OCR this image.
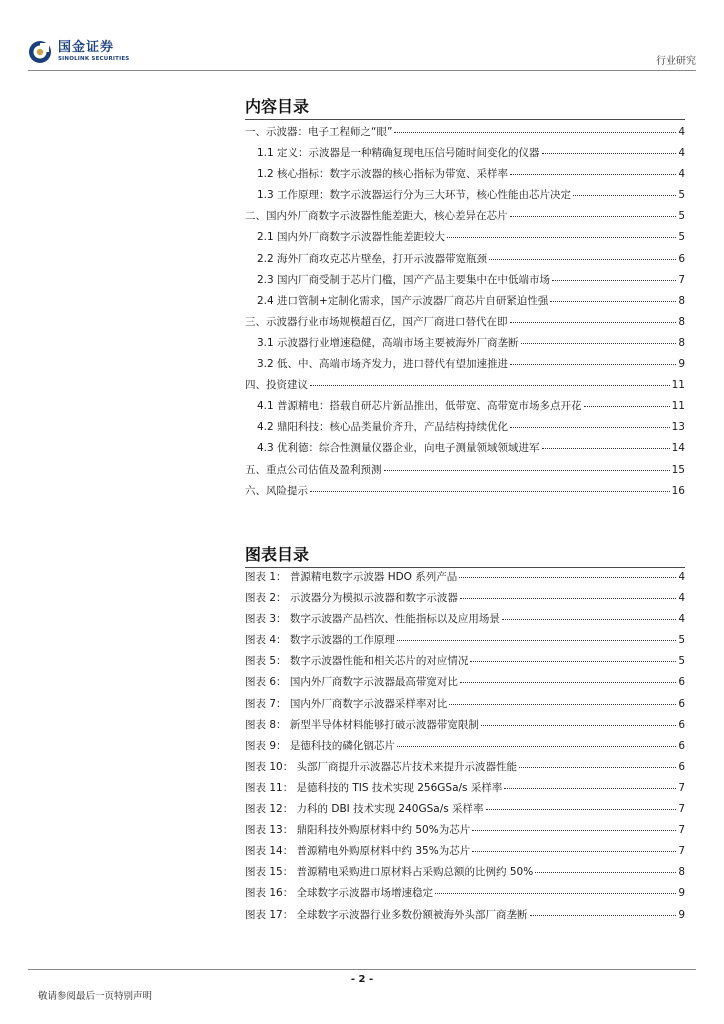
国金证券
SINOLINK SECURITIES	行业研究
内容目录
一、示波器：电子工程师之“眼”	4
1.1 定义：示波器是一种精确复现电压信号随时间变化的仪器	4
1.2 核心指标：数字示波器的核心指标为带宽、采样率	4
1.3 工作原理：数字示波器运行分为三大环节，核心性能由芯片决定	5
二、国内外厂商数字示波器性能差距大，核心差异在芯片	5
2.1 国内外厂商数字示波器性能差距较大	5
2.2 海外厂商攻克芯片壁垒，打开示波器带宽瓶颈	6
2.3 国内厂商受制于芯片门槛，国产产品主要集中在中低端市场	7
2.4 进口管制+定制化需求，国产示波器厂商芯片自研紧迫性强	8
三、示波器行业市场规模超百亿，国产厂商进口替代在即	8
3.1 示波器行业增速稳健，高端市场主要被海外厂商垄断	8
3.2 低、中、高端市场齐发力，进口替代有望加速推进	9
四、投资建议	11
4.1 普源精电：搭载自研芯片新品推出，低带宽、高带宽市场多点开花	11
4.2 鼎阳科技：核心品类量价齐升，产品结构持续优化	13
4.3 优利德：综合性测量仪器企业，向电子测量领域领域进军	14
五、重点公司估值及盈利预测	15
六、风险提示	16
图表目录
图表 1： 普源精电数字示波器 HDO 系列产品	4
图表 2： 示波器分为模拟示波器和数字示波器	4
图表 3： 数字示波器产品档次、性能指标以及应用场景	4
图表 4： 数字示波器的工作原理	5
图表 5： 数字示波器性能和相关芯片的对应情况	5
图表 6： 国内外厂商数字示波器最高带宽对比	6
图表 7： 国内外厂商数字示波器采样率对比	6
图表 8： 新型半导体材料能够打破示波器带宽限制	6
图表 9： 是德科技的磷化铟芯片	6
图表 10： 头部厂商提升示波器芯片技术来提升示波器性能	6
图表 11： 是德科技的 TIS 技术实现 256GSa/s 采样率	7
图表 12： 力科的 DBI 技术实现 240GSa/s 采样率	7
图表 13： 鼎阳科技外购原材料中约 50%为芯片	7
图表 14： 普源精电外购原材料中约 35%为芯片	7
图表 15： 普源精电采购进口原材料占采购总额的比例约 50%	8
图表 16： 全球数字示波器市场增速稳定	9
图表 17： 全球数字示波器行业多数份额被海外头部厂商垄断	9
- 2 -
敬请参阅最后一页特别声明
